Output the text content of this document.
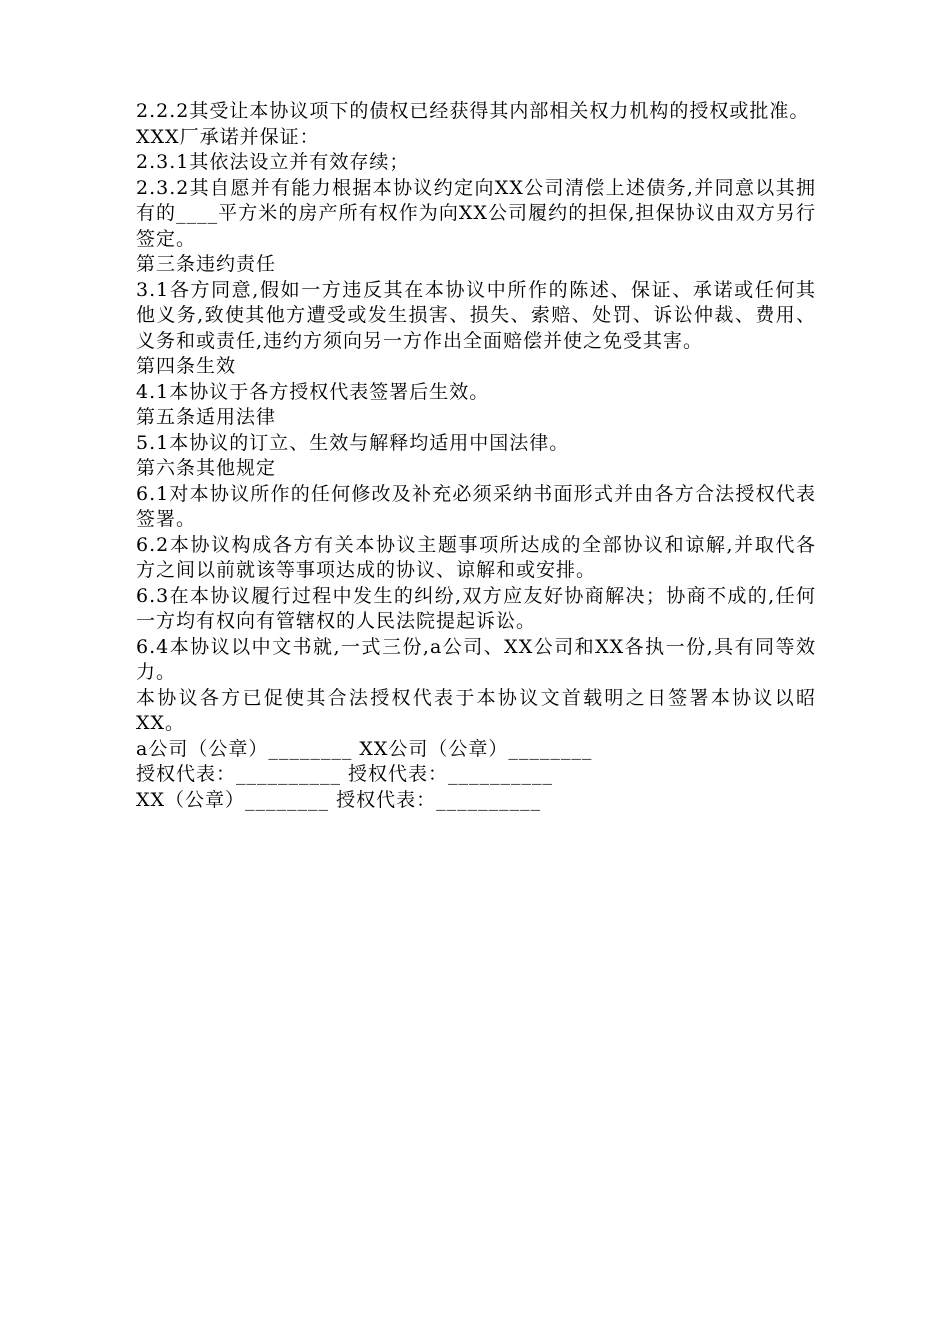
2.2.2其受让本协议项下的债权已经获得其内部相关权力机构的授权或批准。

XXX厂承诺并保证：

2.3.1其依法设立并有效存续；

2.3.2其自愿并有能力根据本协议约定向XX公司清偿上述债务,并同意以其拥有的____平方米的房产所有权作为向XX公司履约的担保,担保协议由双方另行签定。

第三条违约责任

3.1各方同意,假如一方违反其在本协议中所作的陈述、保证、承诺或任何其他义务,致使其他方遭受或发生损害、损失、索赔、处罚、诉讼仲裁、费用、义务和或责任,违约方须向另一方作出全面赔偿并使之免受其害。

第四条生效

4.1本协议于各方授权代表签署后生效。

第五条适用法律

5.1本协议的订立、生效与解释均适用中国法律。

第六条其他规定

6.1对本协议所作的任何修改及补充必须采纳书面形式并由各方合法授权代表签署。

6.2本协议构成各方有关本协议主题事项所达成的全部协议和谅解,并取代各方之间以前就该等事项达成的协议、谅解和或安排。

6.3在本协议履行过程中发生的纠纷,双方应友好协商解决；协商不成的,任何一方均有权向有管辖权的人民法院提起诉讼。

6.4本协议以中文书就,一式三份,a公司、XX公司和XX各执一份,具有同等效力。

本协议各方已促使其合法授权代表于本协议文首载明之日签署本协议以昭XX。

a公司（公章）________ XX公司（公章）________

授权代表：__________ 授权代表：__________

XX（公章）________ 授权代表：__________
